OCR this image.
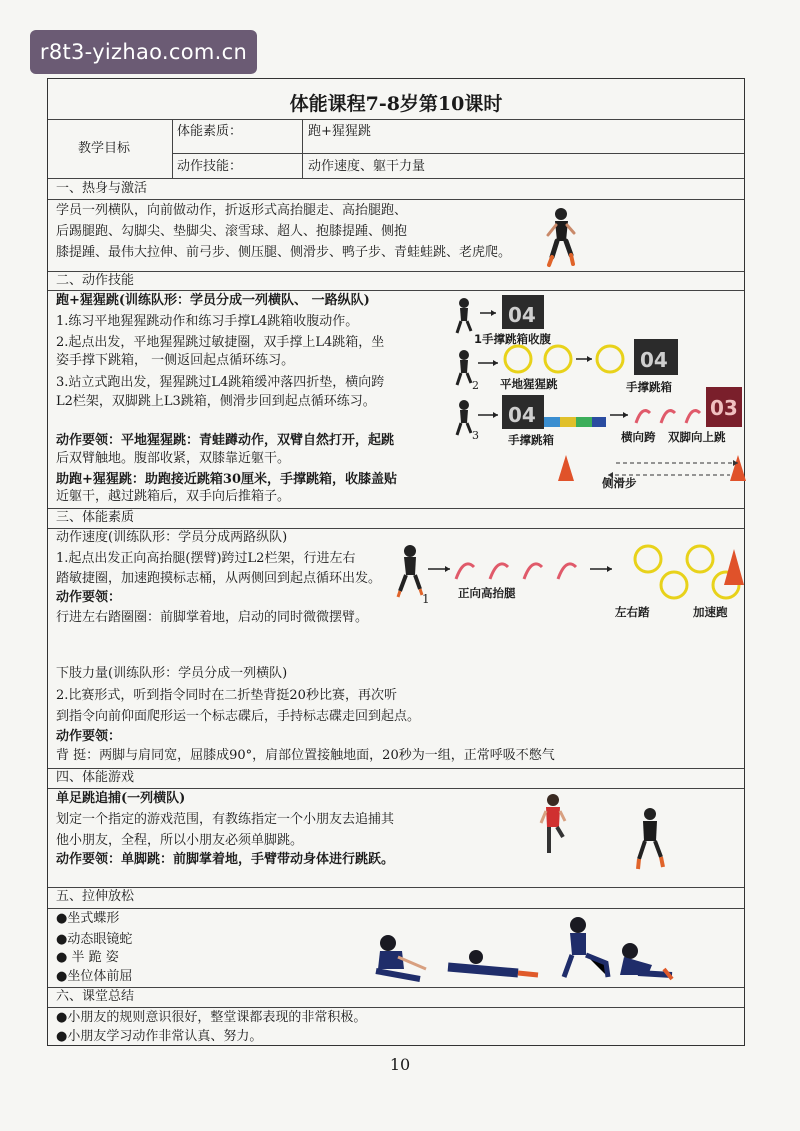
r8t3-yizhao.com.cn
体能课程7-8岁第10课时
教学目标
体能素质：	跑+猩猩跳
动作技能：	动作速度、躯干力量
一、热身与激活
学员一列横队，向前做动作，折返形式高抬腿走、高抬腿跑、
后踢腿跑、勾脚尖、垫脚尖、滚雪球、超人、抱膝提踵、侧抱
膝提踵、最伟大拉伸、前弓步、侧压腿、侧滑步、鸭子步、青蛙蛙跳、老虎爬。
二、动作技能
跑+猩猩跳(训练队形：学员分成一列横队、 一路纵队)
1.练习平地猩猩跳动作和练习手撑L4跳箱收腹动作。
2.起点出发，平地猩猩跳过敏捷圈，双手撑上L4跳箱，坐
姿手撑下跳箱， 一侧返回起点循环练习。
3.站立式跑出发，猩猩跳过L4跳箱缓冲落四折垫，横向跨
L2栏架，双脚跳上L3跳箱，侧滑步回到起点循环练习。
动作要领：平地猩猩跳：青蛙蹲动作，双臂自然打开，起跳
后双臂触地。腹部收紧，双膝靠近躯干。
助跑+猩猩跳：助跑接近跳箱30厘米，手撑跳箱，收膝盖贴
近躯干，越过跳箱后，双手向后推箱子。
04
04
04	03
2
3
1手撑跳箱收腹
平地猩猩跳	手撑跳箱
手撑跳箱	横向跨 双脚向上跳
侧滑步
三、体能素质
动作速度(训练队形：学员分成两路纵队)
1.起点出发正向高抬腿(摆臂)跨过L2栏架，行进左右
踏敏捷圈，加速跑摸标志桶，从两侧回到起点循环出发。
动作要领：
行进左右踏圈圈：前脚掌着地，启动的同时微微摆臂。
下肢力量(训练队形：学员分成一列横队)
2.比赛形式，听到指令同时在二折垫背挺20秒比赛，再次听
到指令向前仰面爬形运一个标志碟后，手持标志碟走回到起点。
动作要领：
背 挺：两脚与肩同宽，屈膝成90°，肩部位置接触地面，20秒为一组，正常呼吸不憋气
1 正向高抬腿
左右踏	加速跑
四、体能游戏
单足跳追捕(一列横队)
划定一个指定的游戏范围，有教练指定一个小朋友去追捕其
他小朋友，全程，所以小朋友必须单脚跳。
动作要领：单脚跳：前脚掌着地，手臂带动身体进行跳跃。
五、拉伸放松
●坐式蝶形
●动态眼镜蛇
● 半 跪 姿
●坐位体前屈
六、课堂总结
●小朋友的规则意识很好，整堂课都表现的非常积极。
●小朋友学习动作非常认真、努力。
10
